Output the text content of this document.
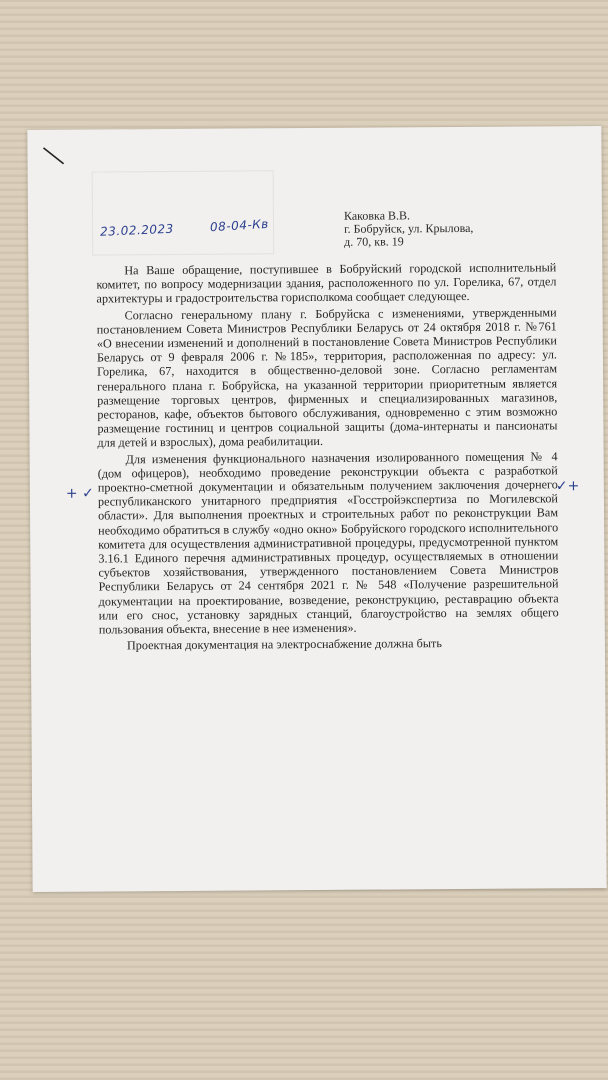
23.02.2023	08-04-Кв
Каковка В.В.
г. Бобруйск, ул. Крылова,
д. 70, кв. 19

На Ваше обращение, поступившее в Бобруйский городской исполнительный комитет, по вопросу модернизации здания, расположенного по ул. Горелика, 67, отдел архитектуры и градостроительства горисполкома сообщает следующее.

Согласно генеральному плану г. Бобруйска с изменениями, утвержденными постановлением Совета Министров Республики Беларусь от 24 октября 2018 г. №761 «О внесении изменений и дополнений в постановление Совета Министров Республики Беларусь от 9 февраля 2006 г. №185», территория, расположенная по адресу: ул. Горелика, 67, находится в общественно-деловой зоне. Согласно регламентам генерального плана г. Бобруйска, на указанной территории приоритетным является размещение торговых центров, фирменных и специализированных магазинов, ресторанов, кафе, объектов бытового обслуживания, одновременно с этим возможно размещение гостиниц и центров социальной защиты (дома-интернаты и пансионаты для детей и взрослых), дома реабилитации.

Для изменения функционального назначения изолированного помещения № 4 (дом офицеров), необходимо проведение реконструкции объекта с разработкой проектно-сметной документации и обязательным получением заключения дочернего республиканского унитарного предприятия «Госстройэкспертиза по Могилевской области». Для выполнения проектных и строительных работ по реконструкции Вам необходимо обратиться в службу «одно окно» Бобруйского городского исполнительного комитета для осуществления административной процедуры, предусмотренной пунктом 3.16.1 Единого перечня административных процедур, осуществляемых в отношении субъектов хозяйствования, утвержденного постановлением Совета Министров Республики Беларусь от 24 сентября 2021 г. № 548 «Получение разрешительной документации на проектирование, возведение, реконструкцию, реставрацию объекта или его снос, установку зарядных станций, благоустройство на землях общего пользования объекта, внесение в нее изменения».

Проектная документация на электроснабжение должна быть

+ ✓	✓+
